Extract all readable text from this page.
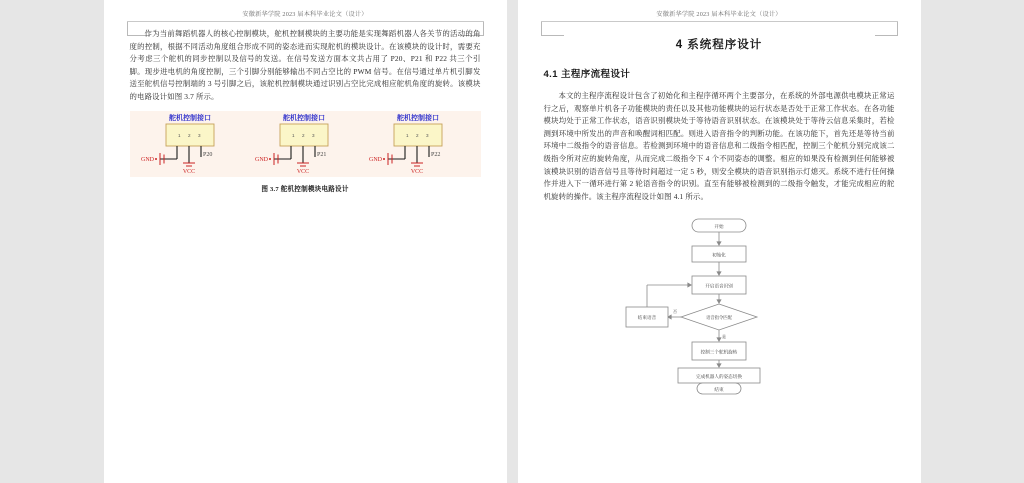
安徽新华学院 2023 届本科毕业论文（设计）

作为当前舞蹈机器人的核心控制模块，舵机控制模块的主要功能是实现舞蹈机器人各关节的活动的角度的控制，根据不同活动角度组合形成不同的姿态进而实现舵机的模块设计。在该模块的设计时，需要充分考虑三个舵机的同步控制以及信号的发送。在信号发送方面本文共占用了 P20、P21 和 P22 共三个引脚。现步进电机的角度控制，三个引脚分别能够输出不同占空比的 PWM 信号。在信号通过单片机引脚发送至舵机信号控制端的 3 号引脚之后，该舵机控制模块通过识别占空比完成相应舵机角度的旋转。该模块的电路设计如图 3.7 所示。

舵机控制接口
1 2 3
GND
VCC
P20
舵机控制接口
1 2 3
GND
VCC
P21
舵机控制接口
1 2 3
GND
VCC
P22
图 3.7 舵机控制模块电路设计
安徽新华学院 2023 届本科毕业论文（设计）
4 系统程序设计
4.1 主程序流程设计

本文的主程序流程设计包含了初始化和主程序循环两个主要部分，在系统的外部电源供电模块正常运行之后，观察单片机各子功能模块的责任以及其他功能模块的运行状态是否处于正常工作状态。在各功能模块均处于正常工作状态，语音识别模块处于等待语音识别状态。在该模块处于等待云信息采集时，若检测到环境中所发出的声音和唤醒词相匹配。则进入语音指令的判断功能。在该功能下，首先还是等待当前环境中二级指令的语音信息。若检测到环境中的语音信息和二级指令相匹配，控制三个舵机分别完成该二级指令所对应的旋转角度，从而完成二级指令下 4 个不同姿态的调整。相应的如果没有检测到任何能够被该模块识别的语音信号且等待时间超过一定 5 秒，则安全模块的语音识别指示灯熄灭。系统不进行任何操作并进入下一循环进行第 2 轮语音指令的识别。直至有能够被检测到的二级指令触发，才能完成相应的舵机旋转的操作。该主程序流程设计如图 4.1 所示。

开始
初始化
开启语音识别
语音指令匹配
结束语音
控制三个舵机旋转
完成机器人的姿态切换
结束
否
是
